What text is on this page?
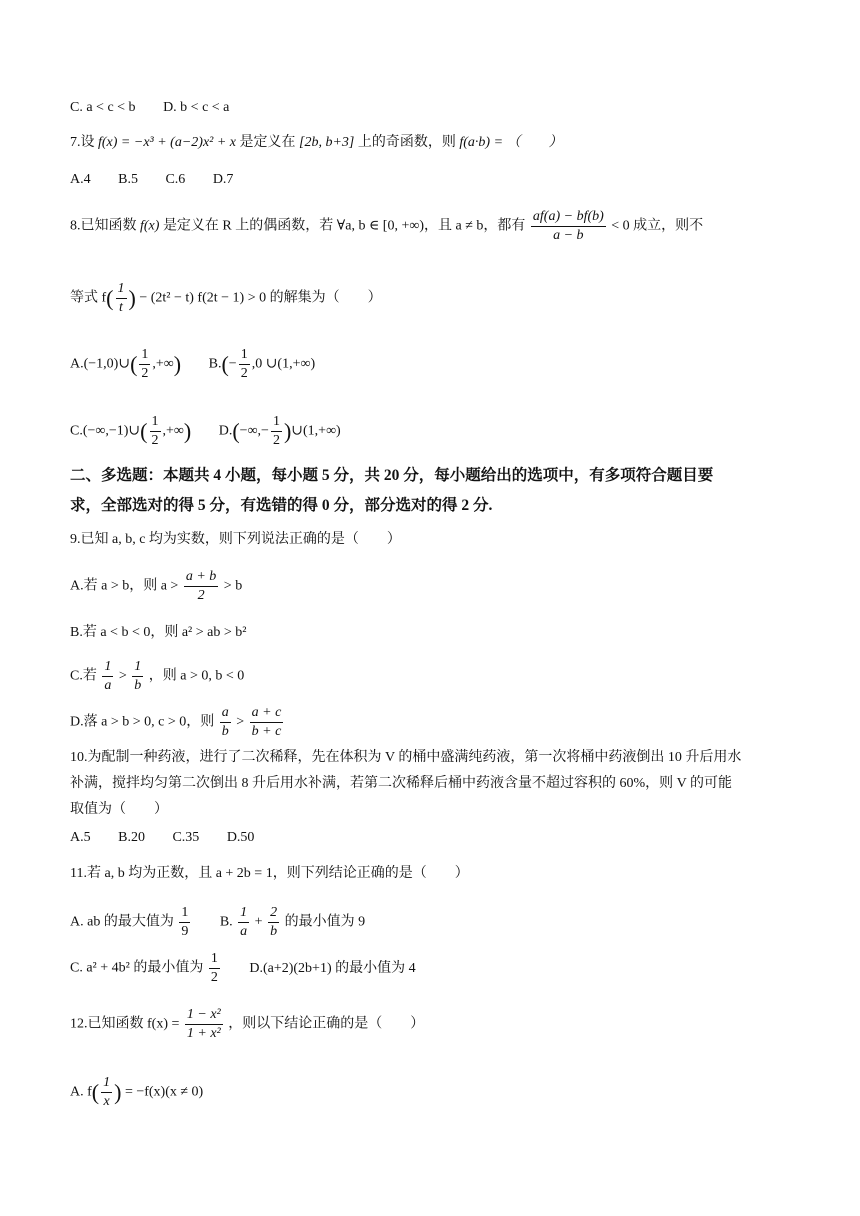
C. a < c < b D. b < c < a
7.设 f(x) = −x³ + (a−2)x² + x 是定义在 [2b, b+3] 上的奇函数，则 f(a·b) = （　　）
A.4 B.5 C.6 D.7
8.已知函数 f(x) 是定义在 R 上的偶函数，若 ∀a, b ∈ [0, +∞)，且 a ≠ b，都有 $\frac{af(a) - bf(b)}{a - b} < 0$ 成立，则不
等式 $f( \frac{1}{t}$ ) − (2t² − t) f(2t − 1) > 0 的解集为（　　）
A.(−1,0)∪( $\frac{1}{2}$ ,+∞) $B.(- \frac{1}{2} ,0$ ∪(1,+∞)
C.(−∞,−1)∪( $\frac{1}{2}$ ,+∞) $D.(-\infty,- \frac{1}{2}$ )∪(1,+∞)
二、多选题：本题共 4 小题，每小题 5 分，共 20 分，每小题给出的选项中，有多项符合题目要
求，全部选对的得 5 分，有选错的得 0 分，部分选对的得 2 分.
9.已知 a, b, c 均为实数，则下列说法正确的是（　　）
A.若 a > b，则 $a > \frac{a + b}{2} > b$
B.若 a < b < 0，则 a² > ab > b²
C.若 $\frac{1}{a} > \frac{1}{b}$ ，则 a > 0, b < 0
D.落 a > b > 0, c > 0，则 $\frac{a}{b} > \frac{a + c}{b + c}$
10.为配制一种药液，进行了二次稀释，先在体积为 V 的桶中盛满纯药液，第一次将桶中药液倒出 10 升后用水
补满，搅拌均匀第二次倒出 8 升后用水补满，若第二次稀释后桶中药液含量不超过容积的 60%，则 V 的可能
取值为（　　）
A.5 B.20 C.35 D.50
11.若 a, b 均为正数，且 a + 2b = 1，则下列结论正确的是（　　）
A. ab 的最大值为 $\frac{1}{9} B$. $\frac{1}{a} + \frac{2}{b}$ 的最小值为 9
C. a² + 4b² 的最小值为 $\frac{1}{2} D.(a+2)(2b+1)$ 的最小值为 4
12.已知函数 $f(x) = \frac{\text{1 − x²}}{\text{1 + x²}}$ ，则以下结论正确的是（　　）
A. $f( \frac{1}{x}$ ) = −f(x)(x ≠ 0)
